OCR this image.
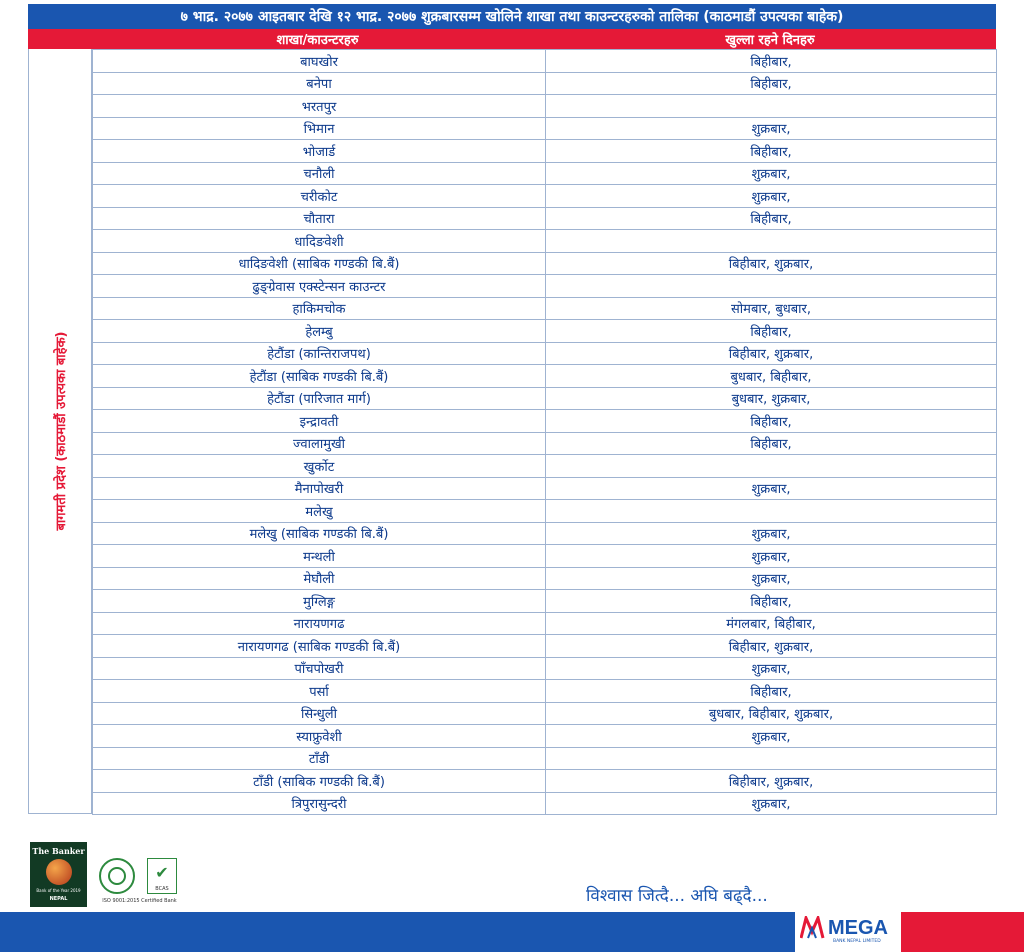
७ भाद्र. २०७७ आइतबार देखि १२ भाद्र. २०७७ शुक्रबारसम्म खोलिने शाखा तथा काउन्टरहरुको तालिका (काठमाडौं उपत्यका बाहेक)
शाखा/काउन्टरहरु	खुल्ला रहने दिनहरु
बागमती प्रदेश (काठमाडौं उपत्यका बाहेक)
बाघखोर	बिहीबार,
बनेपा	बिहीबार,
भरतपुर	
भिमान	शुक्रबार,
भोजार्ड	बिहीबार,
चनौली	शुक्रबार,
चरीकोट	शुक्रबार,
चौतारा	बिहीबार,
धादिङवेशी	
धादिङवेशी (साबिक गण्डकी बि.बैं)	बिहीबार, शुक्रबार,
ढुङ्ग्रेवास एक्स्टेन्सन काउन्टर	
हाकिमचोक	सोमबार, बुधबार,
हेलम्बु	बिहीबार,
हेटौंडा (कान्तिराजपथ)	बिहीबार, शुक्रबार,
हेटौंडा (साबिक गण्डकी बि.बैं)	बुधबार, बिहीबार,
हेटौंडा (पारिजात मार्ग)	बुधबार, शुक्रबार,
इन्द्रावती	बिहीबार,
ज्वालामुखी	बिहीबार,
खुर्कोट	
मैनापोखरी	शुक्रबार,
मलेखु	
मलेखु (साबिक गण्डकी बि.बैं)	शुक्रबार,
मन्थली	शुक्रबार,
मेघौली	शुक्रबार,
मुग्लिङ्ग	बिहीबार,
नारायणगढ	मंगलबार, बिहीबार,
नारायणगढ (साबिक गण्डकी बि.बैं)	बिहीबार, शुक्रबार,
पाँचपोखरी	शुक्रबार,
पर्सा	बिहीबार,
सिन्धुली	बुधबार, बिहीबार, शुक्रबार,
स्याफ्रुवेशी	शुक्रबार,
टाँडी	
टाँडी (साबिक गण्डकी बि.बैं)	बिहीबार, शुक्रबार,
त्रिपुरासुन्दरी	शुक्रबार,
The Banker
Bank of the Year 2019
NEPAL
✔
BCAS
ISO 9001:2015 Certified Bank	विश्वास जित्दै... अघि बढ्दै...
MEGA
BANK NEPAL LIMITED
